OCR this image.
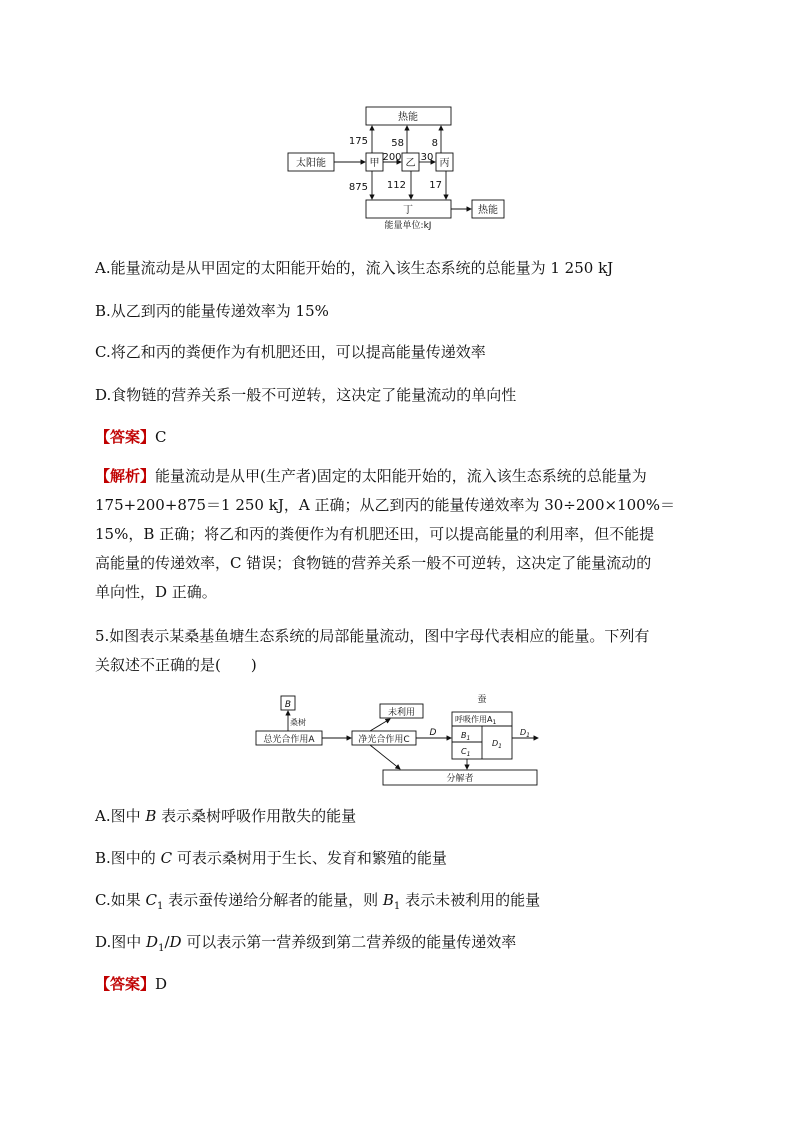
热能
太阳能	甲	乙 丙
丁	热能
175 58	8
200 30
875 112 17
能量单位:kJ
A.能量流动是从甲固定的太阳能开始的，流入该生态系统的总能量为 1 250 kJ
B.从乙到丙的能量传递效率为 15%
C.将乙和丙的粪便作为有机肥还田，可以提高能量传递效率
D.食物链的营养关系一般不可逆转，这决定了能量流动的单向性
【答案】C

【解析】能量流动是从甲(生产者)固定的太阳能开始的，流入该生态系统的总能量为

175+200+875＝1 250 kJ，A 正确；从乙到丙的能量传递效率为 30÷200×100%＝

15%，B 正确；将乙和丙的粪便作为有机肥还田，可以提高能量的利用率，但不能提

高能量的传递效率，C 错误；食物链的营养关系一般不可逆转，这决定了能量流动的

单向性，D 正确。

5.如图表示某桑基鱼塘生态系统的局部能量流动，图中字母代表相应的能量。下列有

关叙述不正确的是(　　)

B
桑树
总光合作用A	净光合作用C
未利用
D
蚕
呼吸作用$A_1$
$B_1$
$C_1$
$D_1$
$D_1$
分解者
A.图中 B 表示桑树呼吸作用散失的能量
B.图中的 C 可表示桑树用于生长、发育和繁殖的能量
C.如果 $C_1$ 表示蚕传递给分解者的能量，则 $B_1$ 表示未被利用的能量
D.图中 $D_1/D$ 可以表示第一营养级到第二营养级的能量传递效率
【答案】D
